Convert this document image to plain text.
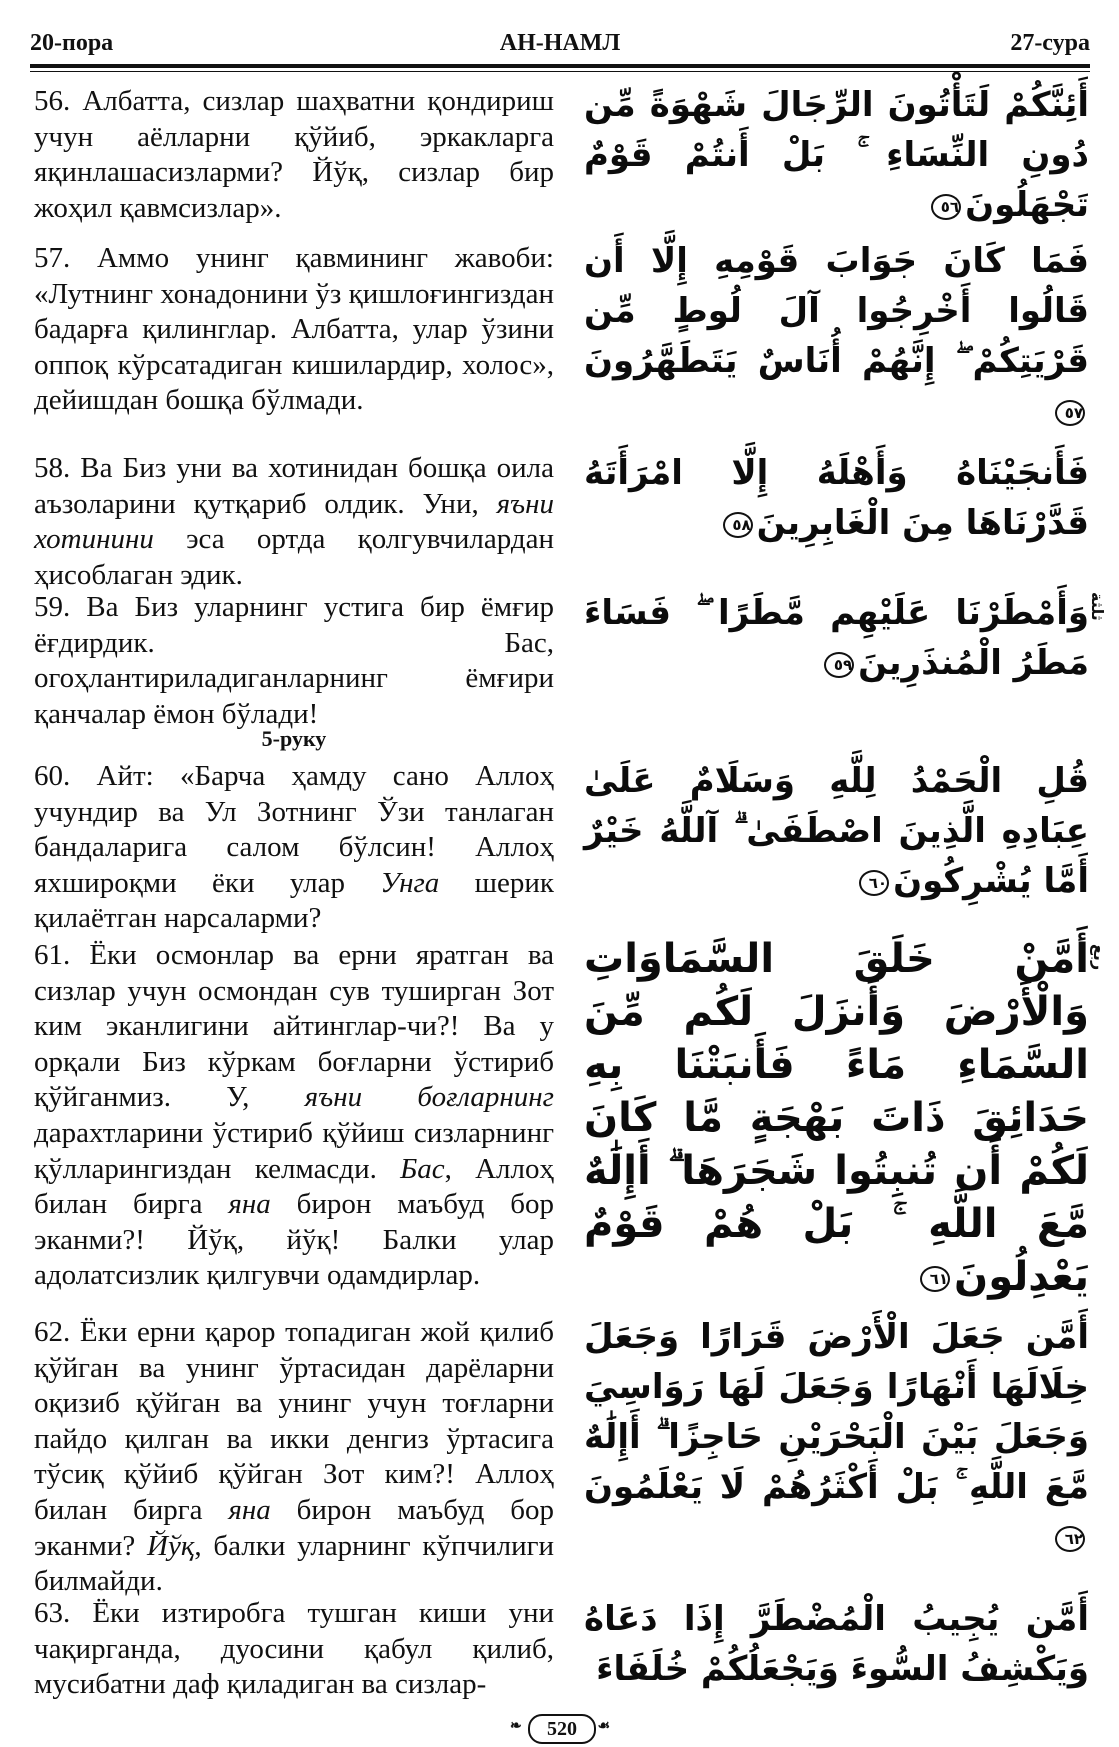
20-пора	АН-НАМЛ	27-сура
56. Албатта, сизлар шаҳватни қондириш учун аёлларни қўйиб, эркакларга яқинлашасизларми? Йўқ, сизлар бир жоҳил қавмсизлар».
أَئِنَّكُمْ لَتَأْتُونَ الرِّجَالَ شَهْوَةً مِّن دُونِ النِّسَاءِ ۚ بَلْ أَنتُمْ قَوْمٌ تَجْهَلُونَ٥٦
57. Аммо унинг қавмининг жавоби: «Лутнинг хонадонини ўз қишлоғингиздан бадарға қилинглар. Албатта, улар ўзини оппоқ кўрсатадиган кишилардир, холос», дейишдан бошқа бўлмади.
فَمَا كَانَ جَوَابَ قَوْمِهِ إِلَّا أَن قَالُوا أَخْرِجُوا آلَ لُوطٍ مِّن قَرْيَتِكُمْ ۖ إِنَّهُمْ أُنَاسٌ يَتَطَهَّرُونَ٥٧
58. Ва Биз уни ва хотинидан бошқа оила аъзоларини қутқариб олдик. Уни, яъни хотинини эса ортда қолгувчилардан ҳисоблаган эдик.
فَأَنجَيْنَاهُ وَأَهْلَهُ إِلَّا امْرَأَتَهُ قَدَّرْنَاهَا مِنَ الْغَابِرِينَ٥٨
59. Ва Биз уларнинг устига бир ёмғир ёғдирдик. Бас, огоҳлантириладиганларнинг ёмғири қанчалар ёмон бўлади!
وَأَمْطَرْنَا عَلَيْهِم مَّطَرًا ۖ فَسَاءَ مَطَرُ الْمُنذَرِينَ٥٩
ثلثة
5-руку
60. Айт: «Барча ҳамду сано Аллоҳ учундир ва Ул Зотнинг Ўзи танлаган бандаларига салом бўлсин! Аллоҳ яхшироқми ёки улар Унга шерик қилаётган нарсаларми?
قُلِ الْحَمْدُ لِلَّهِ وَسَلَامٌ عَلَىٰ عِبَادِهِ الَّذِينَ اصْطَفَىٰ ۗ آللَّهُ خَيْرٌ أَمَّا يُشْرِكُونَ٦٠
61. Ёки осмонлар ва ерни яратган ва сизлар учун осмондан сув туширган Зот ким эканлигини айтинглар-чи?! Ва у орқали Биз кўркам боғларни ўстириб қўйганмиз. У, яъни боғларнинг дарахтларини ўстириб қўйиш сизларнинг қўлларингиздан келмасди. Бас, Аллоҳ билан бирга яна бирон маъбуд бор эканми?! Йўқ, йўқ! Балки улар адолатсизлик қилгувчи одамдирлар.
أَمَّنْ خَلَقَ السَّمَاوَاتِ وَالْأَرْضَ وَأَنزَلَ لَكُم مِّنَ السَّمَاءِ مَاءً فَأَنبَتْنَا بِهِ حَدَائِقَ ذَاتَ بَهْجَةٍ مَّا كَانَ لَكُمْ أَن تُنبِتُوا شَجَرَهَا ۗ أَإِلَٰهٌ مَّعَ اللَّهِ ۚ بَلْ هُمْ قَوْمٌ يَعْدِلُونَ٦١
ربع
62. Ёки ерни қарор топадиган жой қилиб қўйган ва унинг ўртасидан дарёларни оқизиб қўйган ва унинг учун тоғларни пайдо қилган ва икки денгиз ўртасига тўсиқ қўйиб қўйган Зот ким?! Аллоҳ билан бирга яна бирон маъбуд бор эканми? Йўқ, балки уларнинг кўпчилиги билмайди.
أَمَّن جَعَلَ الْأَرْضَ قَرَارًا وَجَعَلَ خِلَالَهَا أَنْهَارًا وَجَعَلَ لَهَا رَوَاسِيَ وَجَعَلَ بَيْنَ الْبَحْرَيْنِ حَاجِزًا ۗ أَإِلَٰهٌ مَّعَ اللَّهِ ۚ بَلْ أَكْثَرُهُمْ لَا يَعْلَمُونَ٦٢
63. Ёки изтиробга тушган киши уни чақирганда, дуосини қабул қилиб, мусибатни даф қиладиган ва сизлар-
أَمَّن يُجِيبُ الْمُضْطَرَّ إِذَا دَعَاهُ وَيَكْشِفُ السُّوءَ وَيَجْعَلُكُمْ خُلَفَاءَ
❧	520	☙
